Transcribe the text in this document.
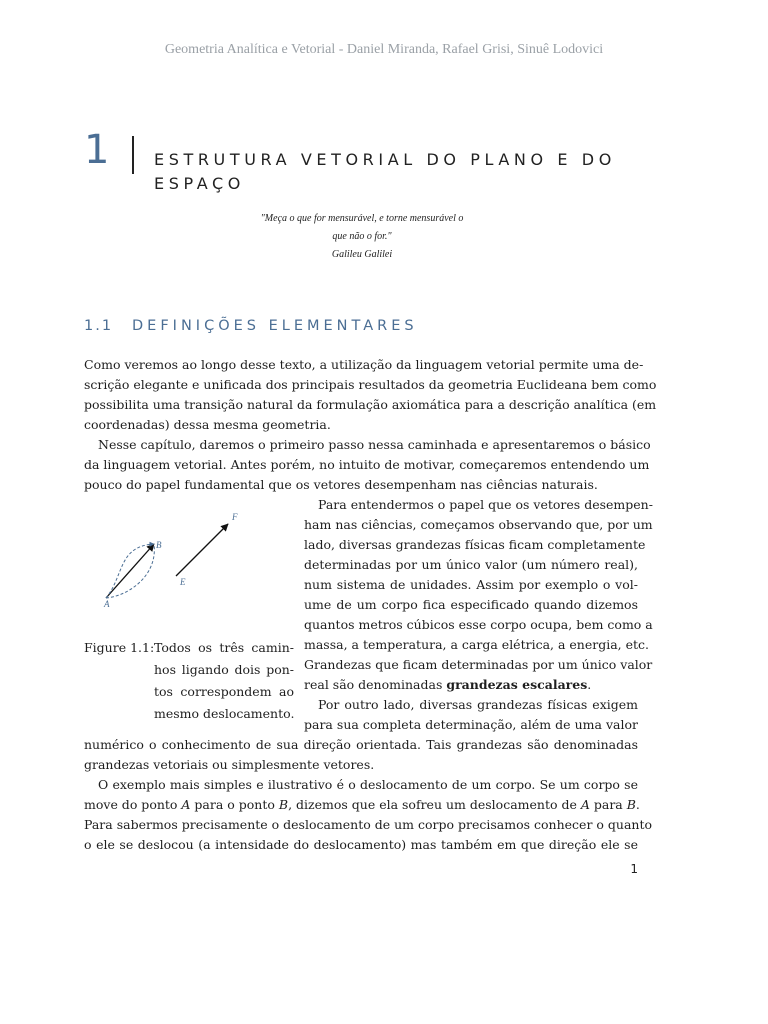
Geometria Analítica e Vetorial - Daniel Miranda, Rafael Grisi, Sinuê Lodovici
1	ESTRUTURA VETORIAL DO PLANO E DO ESPAÇO
"Meça o que for mensurável, e torne mensurável o
que não o for."
Galileu Galilei
1.1 DEFINIÇÕES ELEMENTARES
Como veremos ao longo desse texto, a utilização da linguagem vetorial permite uma de-
scrição elegante e unificada dos principais resultados da geometria Euclideana bem como
possibilita uma transição natural da formulação axiomática para a descrição analítica (em
coordenadas) dessa mesma geometria.
Nesse capítulo, daremos o primeiro passo nessa caminhada e apresentaremos o básico
da linguagem vetorial. Antes porém, no intuito de motivar, começaremos entendendo um
pouco do papel fundamental que os vetores desempenham nas ciências naturais.
Para entendermos o papel que os vetores desempen-
ham nas ciências, começamos observando que, por um
lado, diversas grandezas físicas ficam completamente
determinadas por um único valor (um número real),
num sistema de unidades. Assim por exemplo o vol-
ume de um corpo fica especificado quando dizemos
quantos metros cúbicos esse corpo ocupa, bem como a
massa, a temperatura, a carga elétrica, a energia, etc.
Grandezas que ficam determinadas por um único valor
real são denominadas grandezas escalares.
Por outro lado, diversas grandezas físicas exigem
para sua completa determinação, além de uma valor
numérico o conhecimento de sua direção orientada. Tais grandezas são denominadas
grandezas vetoriais ou simplesmente vetores.
O exemplo mais simples e ilustrativo é o deslocamento de um corpo. Se um corpo se
move do ponto A para o ponto B, dizemos que ela sofreu um deslocamento de A para B.
Para sabermos precisamente o deslocamento de um corpo precisamos conhecer o quanto
o ele se deslocou (a intensidade do deslocamento) mas também em que direção ele se
A
B
E
F
Figure 1.1: Todos os três camin-
hos ligando dois pon-
tos correspondem ao
mesmo deslocamento.
1
